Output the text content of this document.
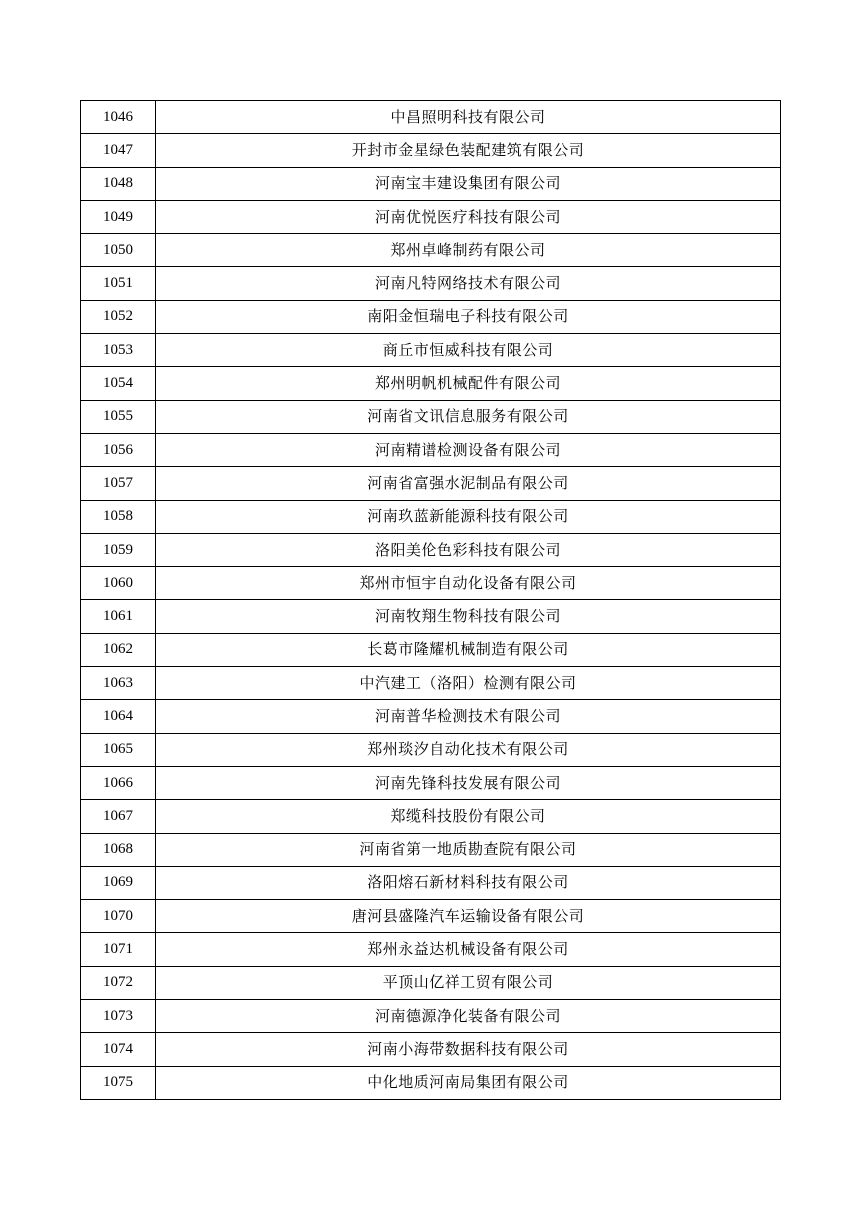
1046	中昌照明科技有限公司
1047	开封市金星绿色装配建筑有限公司
1048	河南宝丰建设集团有限公司
1049	河南优悦医疗科技有限公司
1050	郑州卓峰制药有限公司
1051	河南凡特网络技术有限公司
1052	南阳金恒瑞电子科技有限公司
1053	商丘市恒威科技有限公司
1054	郑州明帆机械配件有限公司
1055	河南省文讯信息服务有限公司
1056	河南精谱检测设备有限公司
1057	河南省富强水泥制品有限公司
1058	河南玖蓝新能源科技有限公司
1059	洛阳美伦色彩科技有限公司
1060	郑州市恒宇自动化设备有限公司
1061	河南牧翔生物科技有限公司
1062	长葛市隆耀机械制造有限公司
1063	中汽建工（洛阳）检测有限公司
1064	河南普华检测技术有限公司
1065	郑州琰汐自动化技术有限公司
1066	河南先锋科技发展有限公司
1067	郑缆科技股份有限公司
1068	河南省第一地质勘查院有限公司
1069	洛阳熔石新材料科技有限公司
1070	唐河县盛隆汽车运输设备有限公司
1071	郑州永益达机械设备有限公司
1072	平顶山亿祥工贸有限公司
1073	河南德源净化装备有限公司
1074	河南小海带数据科技有限公司
1075	中化地质河南局集团有限公司
